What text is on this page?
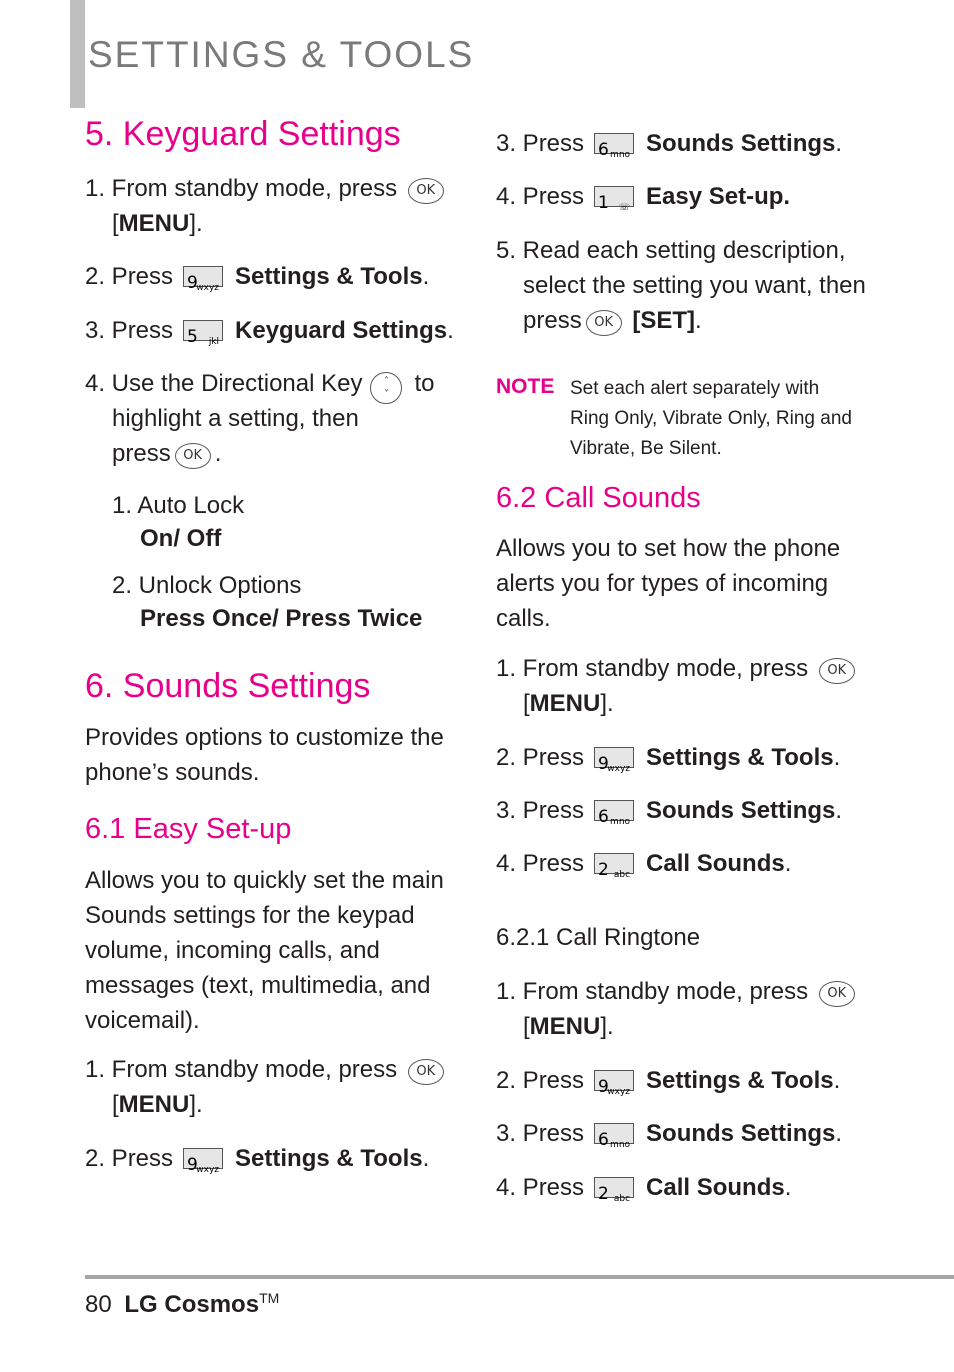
SETTINGS & TOOLS
5. Keyguard Settings
1. From standby mode, press OK
[MENU].
2. Press 9
wxyz Settings & Tools.
3. Press 5 jkl Keyguard Settings.
4. Use the Directional Key ˄
˅ to
highlight a setting, then
press OK .
1. Auto Lock
On/ Off
2. Unlock Options
Press Once/ Press Twice
6. Sounds Settings
Provides options to customize the
phone’s sounds.
6.1 Easy Set-up
Allows you to quickly set the main
Sounds settings for the keypad
volume, incoming calls, and
messages (text, multimedia, and
voicemail).
1. From standby mode, press OK
[MENU].
2. Press 9
wxyz Settings & Tools.
3. Press 6 mno Sounds Settings.
4. Press 1 ☏ Easy Set-up.
5. Read each setting description,
select the setting you want, then
press OK [SET].
NOTE Set each alert separately with
Ring Only, Vibrate Only, Ring and
Vibrate, Be Silent.
6.2 Call Sounds
Allows you to set how the phone
alerts you for types of incoming
calls.
1. From standby mode, press OK
[MENU].
2. Press 9
wxyz Settings & Tools.
3. Press 6 mno Sounds Settings.
4. Press 2 abc Call Sounds.
6.2.1 Call Ringtone
1. From standby mode, press OK
[MENU].
2. Press 9
wxyz Settings & Tools.
3. Press 6 mno Sounds Settings.
4. Press 2 abc Call Sounds.
80 LG Cosmos™
